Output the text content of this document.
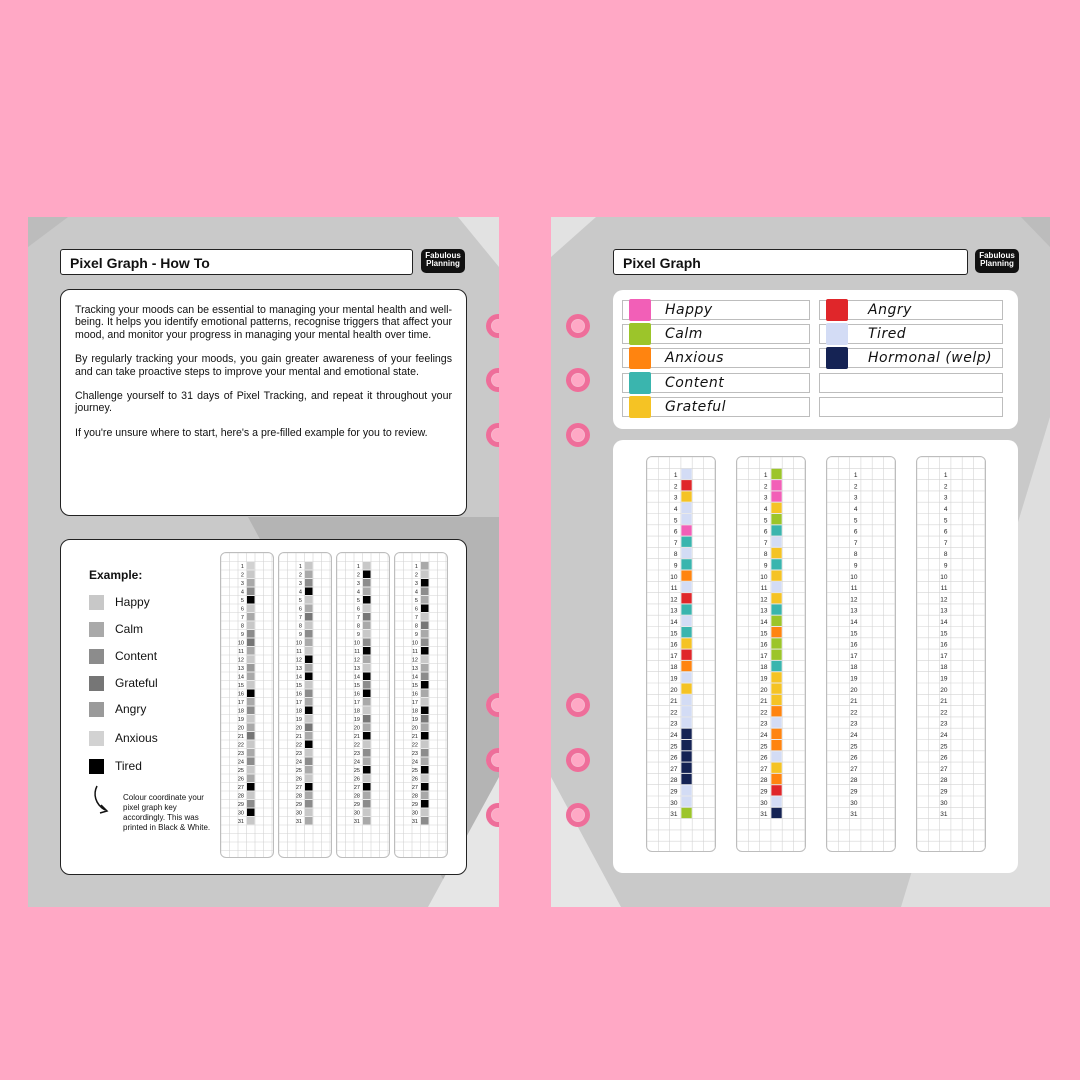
Pixel Graph - How To	Fabulous
Planning

Tracking your moods can be essential to managing your mental health and well-being. It helps you identify emotional patterns, recognise triggers that affect your mood, and monitor your progress in managing your mental health over time.

By regularly tracking your moods, you gain greater awareness of your feelings and can take proactive steps to improve your mental and emotional state.

Challenge yourself to 31 days of Pixel Tracking, and repeat it throughout your journey.

If you're unsure where to start, here's a pre-filled example for you to review.

Example:
Happy
Calm
Content
Grateful
Angry
Anxious
Tired
Colour coordinate your pixel graph key accordingly. This was printed in Black & White.
1
2
3
4
5
6
7
8
9
10
11
12
13
14
15
16
17
18
19
20
21
22
23
24
25
26
27
28
29
30
31
1
2
3
4
5
6
7
8
9
10
11
12
13
14
15
16
17
18
19
20
21
22
23
24
25
26
27
28
29
30
31
1
2
3
4
5
6
7
8
9
10
11
12
13
14
15
16
17
18
19
20
21
22
23
24
25
26
27
28
29
30
31
1
2
3
4
5
6
7
8
9
10
11
12
13
14
15
16
17
18
19
20
21
22
23
24
25
26
27
28
29
30
31
Pixel Graph	Fabulous
Planning
Happy
Calm
Anxious
Content
Grateful
Angry
Tired
Hormonal (welp)
1
2
3
4
5
6
7
8
9
10
11
12
13
14
15
16
17
18
19
20
21
22
23
24
25
26
27
28
29
30
31
1
2
3
4
5
6
7
8
9
10
11
12
13
14
15
16
17
18
19
20
21
22
23
24
25
26
27
28
29
30
31
1
2
3
4
5
6
7
8
9
10
11
12
13
14
15
16
17
18
19
20
21
22
23
24
25
26
27
28
29
30
31
1
2
3
4
5
6
7
8
9
10
11
12
13
14
15
16
17
18
19
20
21
22
23
24
25
26
27
28
29
30
31
